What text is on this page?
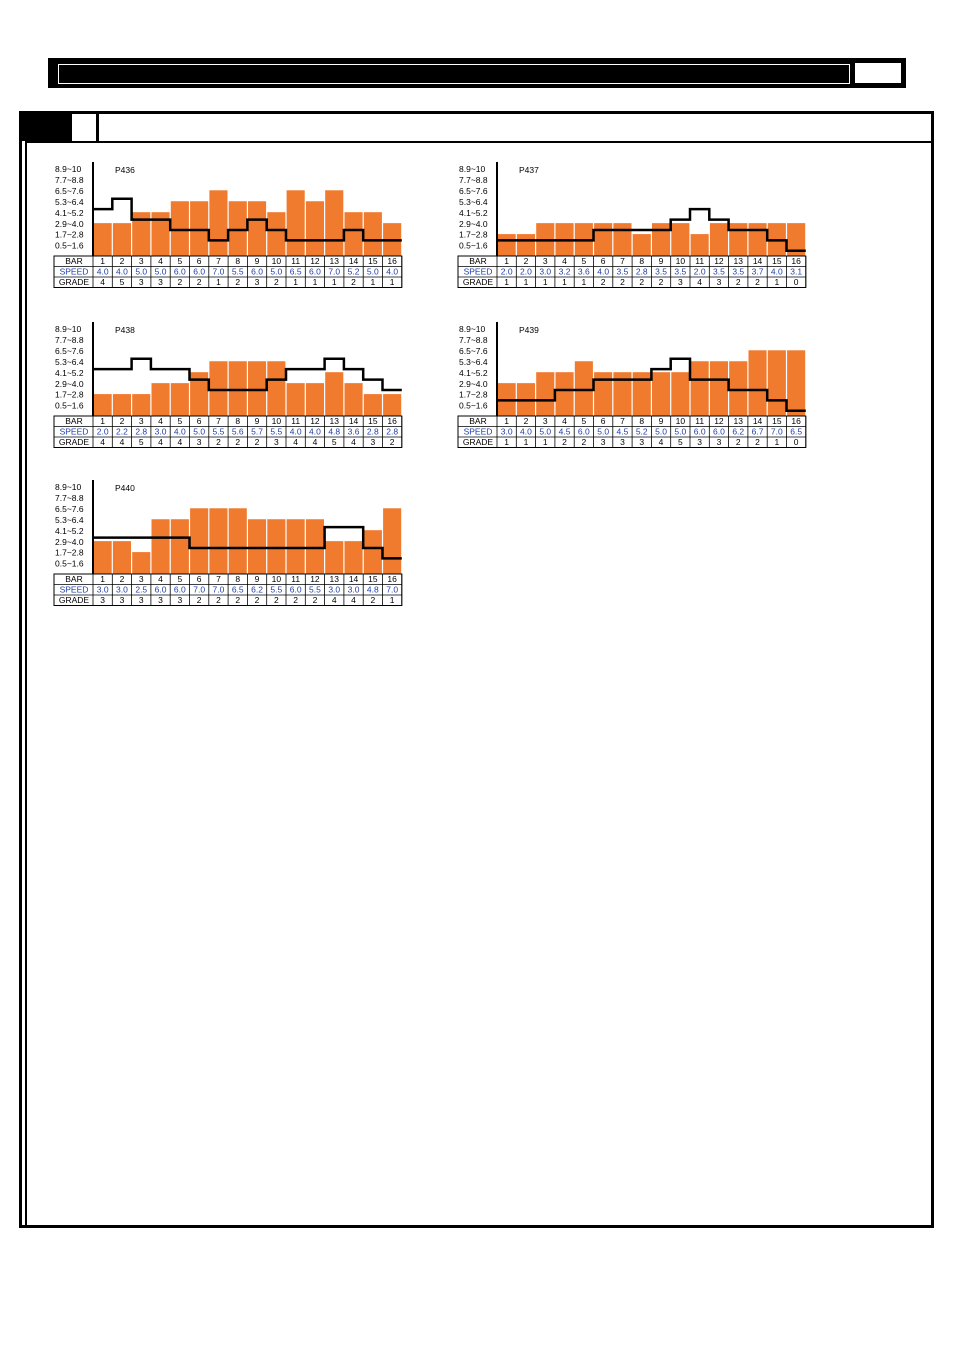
8.9~10
7.7~8.8
6.5~7.6
5.3~6.4
4.1~5.2
2.9~4.0
1.7~2.8
0.5~1.6
P436
BAR
SPEED
GRADE
1 2 3 4 5 6 7 8 9 10 11 12 13 14 15 16
4.0 4.0 5.0 5.0 6.0 6.0 7.0 5.5 6.0 5.0 6.5 6.0 7.0 5.2 5.0 4.0
4 5 3 3 2 2 1 2 3 2 1 1 1 2 1 1
8.9~10
7.7~8.8
6.5~7.6
5.3~6.4
4.1~5.2
2.9~4.0
1.7~2.8
0.5~1.6
P437
BAR
SPEED
GRADE
1 2 3 4 5 6 7 8 9 10 11 12 13 14 15 16
2.0 2.0 3.0 3.2 3.6 4.0 3.5 2.8 3.5 3.5 2.0 3.5 3.5 3.7 4.0 3.1
1 1 1 1 1 2 2 2 2 3 4 3 2 2 1 0
8.9~10
7.7~8.8
6.5~7.6
5.3~6.4
4.1~5.2
2.9~4.0
1.7~2.8
0.5~1.6
P438
BAR
SPEED
GRADE
1 2 3 4 5 6 7 8 9 10 11 12 13 14 15 16
2.0 2.2 2.8 3.0 4.0 5.0 5.5 5.6 5.7 5.5 4.0 4.0 4.8 3.6 2.8 2.8
4 4 5 4 4 3 2 2 2 3 4 4 5 4 3 2
8.9~10
7.7~8.8
6.5~7.6
5.3~6.4
4.1~5.2
2.9~4.0
1.7~2.8
0.5~1.6
P439
BAR
SPEED
GRADE
1 2 3 4 5 6 7 8 9 10 11 12 13 14 15 16
3.0 4.0 5.0 4.5 6.0 5.0 4.5 5.2 5.0 5.0 6.0 6.0 6.2 6.7 7.0 6.5
1 1 1 2 2 3 3 3 4 5 3 3 2 2 1 0
8.9~10
7.7~8.8
6.5~7.6
5.3~6.4
4.1~5.2
2.9~4.0
1.7~2.8
0.5~1.6
P440
BAR
SPEED
GRADE
1 2 3 4 5 6 7 8 9 10 11 12 13 14 15 16
3.0 3.0 2.5 6.0 6.0 7.0 7.0 6.5 6.2 5.5 6.0 5.5 3.0 3.0 4.8 7.0
3 3 3 3 3 2 2 2 2 2 2 2 4 4 2 1
